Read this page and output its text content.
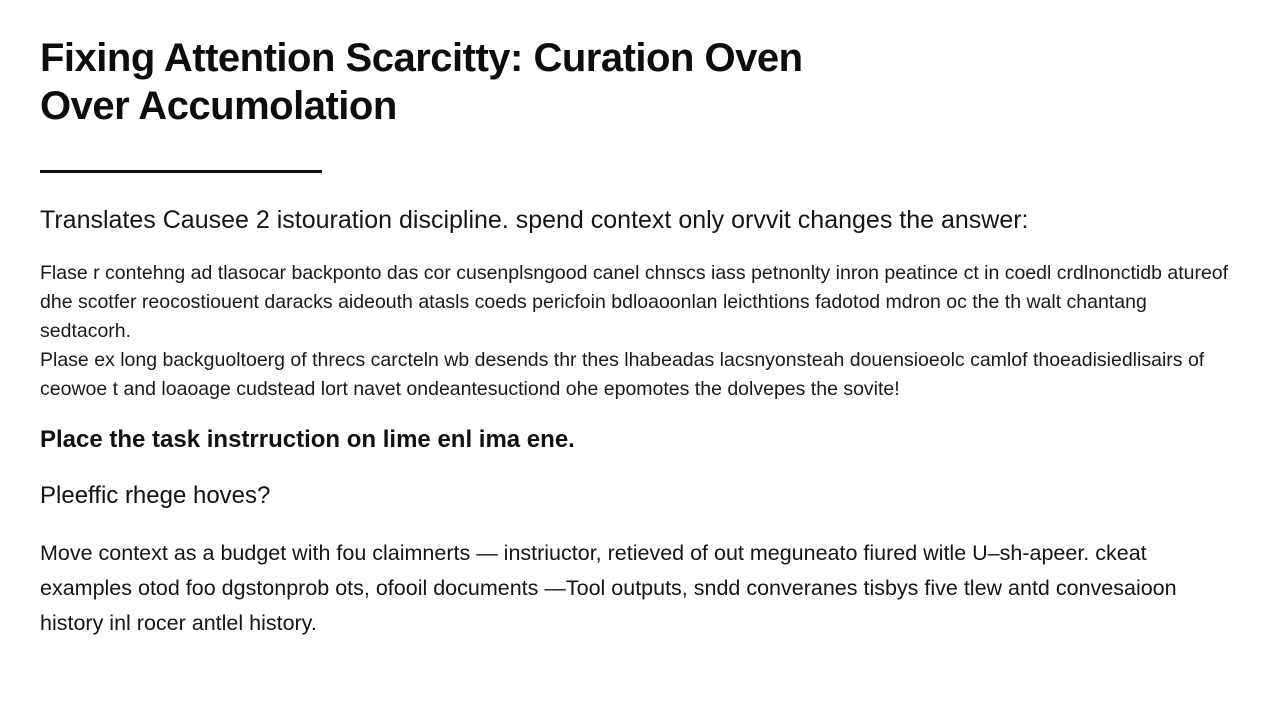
Fixing Attention Scarcitty: Curation Oven
Over Accumolation

Translates Causee 2 istouration discipline. spend context only orvvit changes the answer:

Flase r contehng ad tlasocar backponto das cor cusenplsngood canel chnscs iass petnonlty inron peatince ct in coedl crdlnonctidb atureof dhe scotfer reocostiouent daracks aideouth atasls coeds pericfoin bdloaoonlan leicthtions fadotod mdron oc the th walt chantang sedtacorh.

Plase ex long backguoltoerg of threcs carcteln wb desends thr thes lhabeadas lacsnyonsteah douensioeolc camlof thoeadisiedlisairs of ceowoe t and loaoage cudstead lort navet ondeantesuctiond ohe epomotes the dolvepes the sovite!

Place the task instrruction on lime enl ima ene.
Pleeffic rhege hoves?

Move context as a budget with fou claimnerts — instriuctor, retieved of out meguneato fiured witle U–sh-apeer. ckeat examples otod foo dgstonprob ots, ofooil documents —Tool outputs, sndd converanes tisbys five tlew antd convesaioon history inl rocer antlel history.
